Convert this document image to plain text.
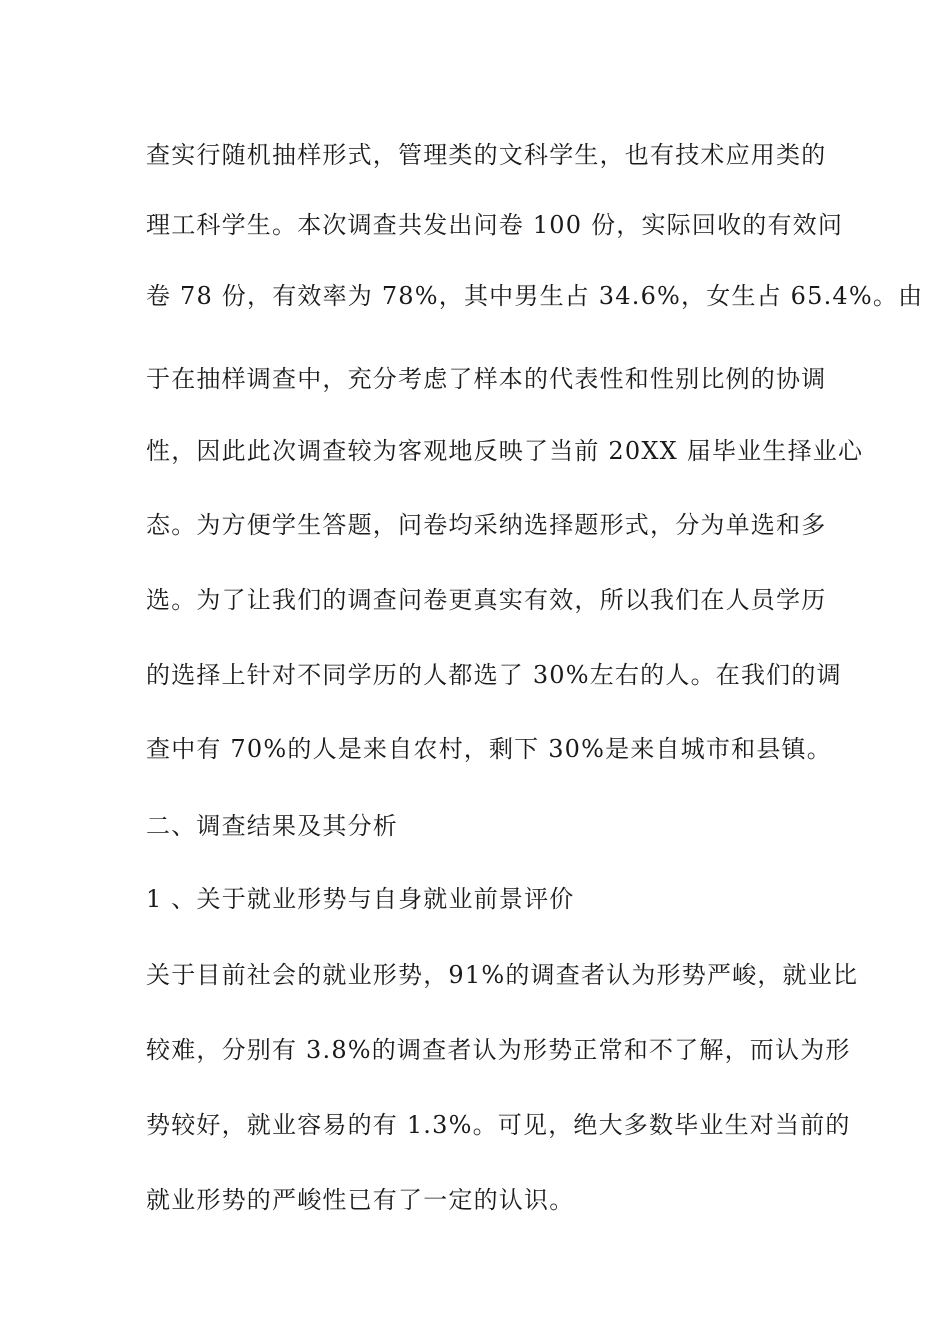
查实行随机抽样形式，管理类的文科学生，也有技术应用类的
理工科学生。本次调查共发出问卷 100 份，实际回收的有效问
卷 78 份，有效率为 78%，其中男生占 34.6%，女生占 65.4%。由
于在抽样调查中，充分考虑了样本的代表性和性别比例的协调
性，因此此次调查较为客观地反映了当前 20XX 届毕业生择业心
态。为方便学生答题，问卷均采纳选择题形式，分为单选和多
选。为了让我们的调查问卷更真实有效，所以我们在人员学历
的选择上针对不同学历的人都选了 30%左右的人。在我们的调
查中有 70%的人是来自农村，剩下 30%是来自城市和县镇。
二、调查结果及其分析
1 、关于就业形势与自身就业前景评价
关于目前社会的就业形势，91%的调查者认为形势严峻，就业比
较难，分别有 3.8%的调查者认为形势正常和不了解，而认为形
势较好，就业容易的有 1.3%。可见，绝大多数毕业生对当前的
就业形势的严峻性已有了一定的认识。
